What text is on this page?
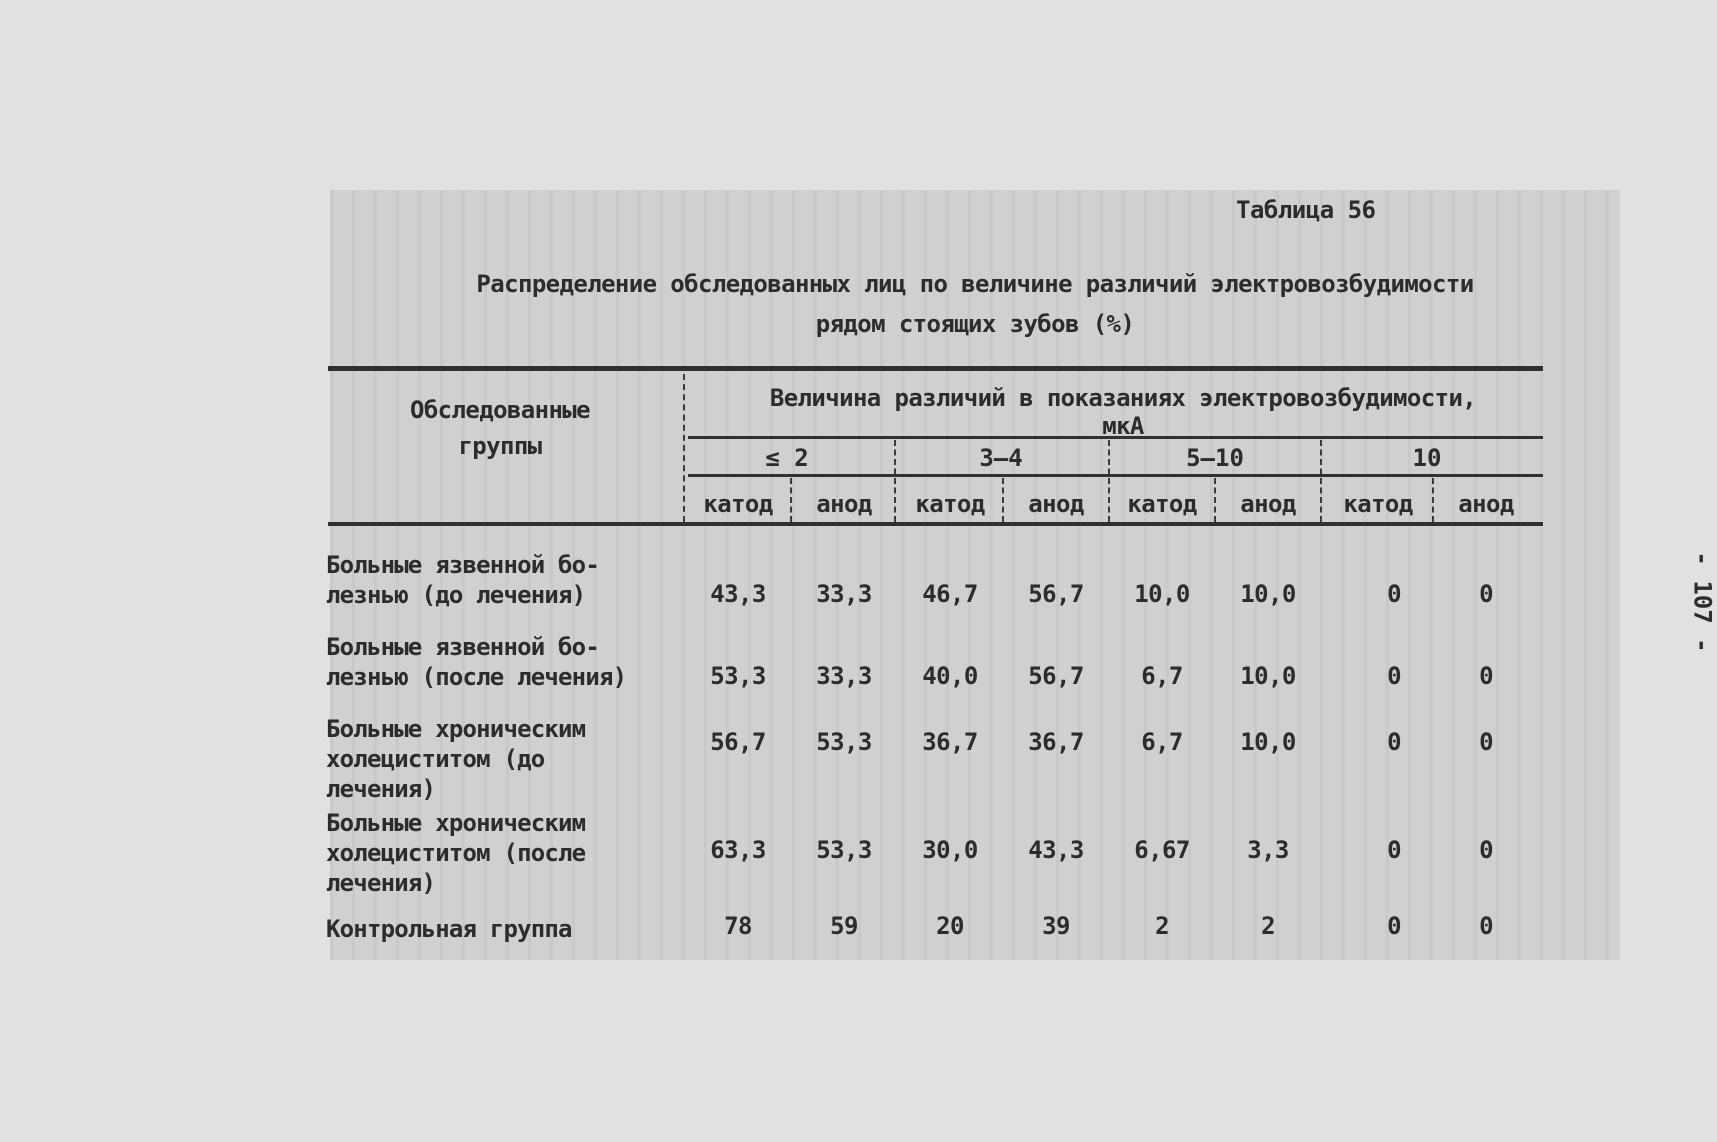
Таблица 56
Распределение обследованных лиц по величине различий электровозбудимости
рядом стоящих зубов (%)
Обследованные
группы
Величина различий в показаниях электровозбудимости,
мкА
≤ 2	3–4	5–10	10
катод	анод	катод	анод	катод	анод	катод	анод
Больные язвенной бо-
лезнью (до лечения)	43,3	33,3	46,7	56,7	10,0	10,0	0	0
Больные язвенной бо-
лезнью (после лечения)	53,3	33,3	40,0	56,7	6,7	10,0	0	0
Больные хроническим
холециститом (до
лечения)
56,7	53,3	36,7	36,7	6,7	10,0	0	0
Больные хроническим
холециститом (после
лечения)
63,3	53,3	30,0	43,3	6,67	3,3	0	0
Контрольная группа	78	59	20	39	2	2	0	0
- 107 -
